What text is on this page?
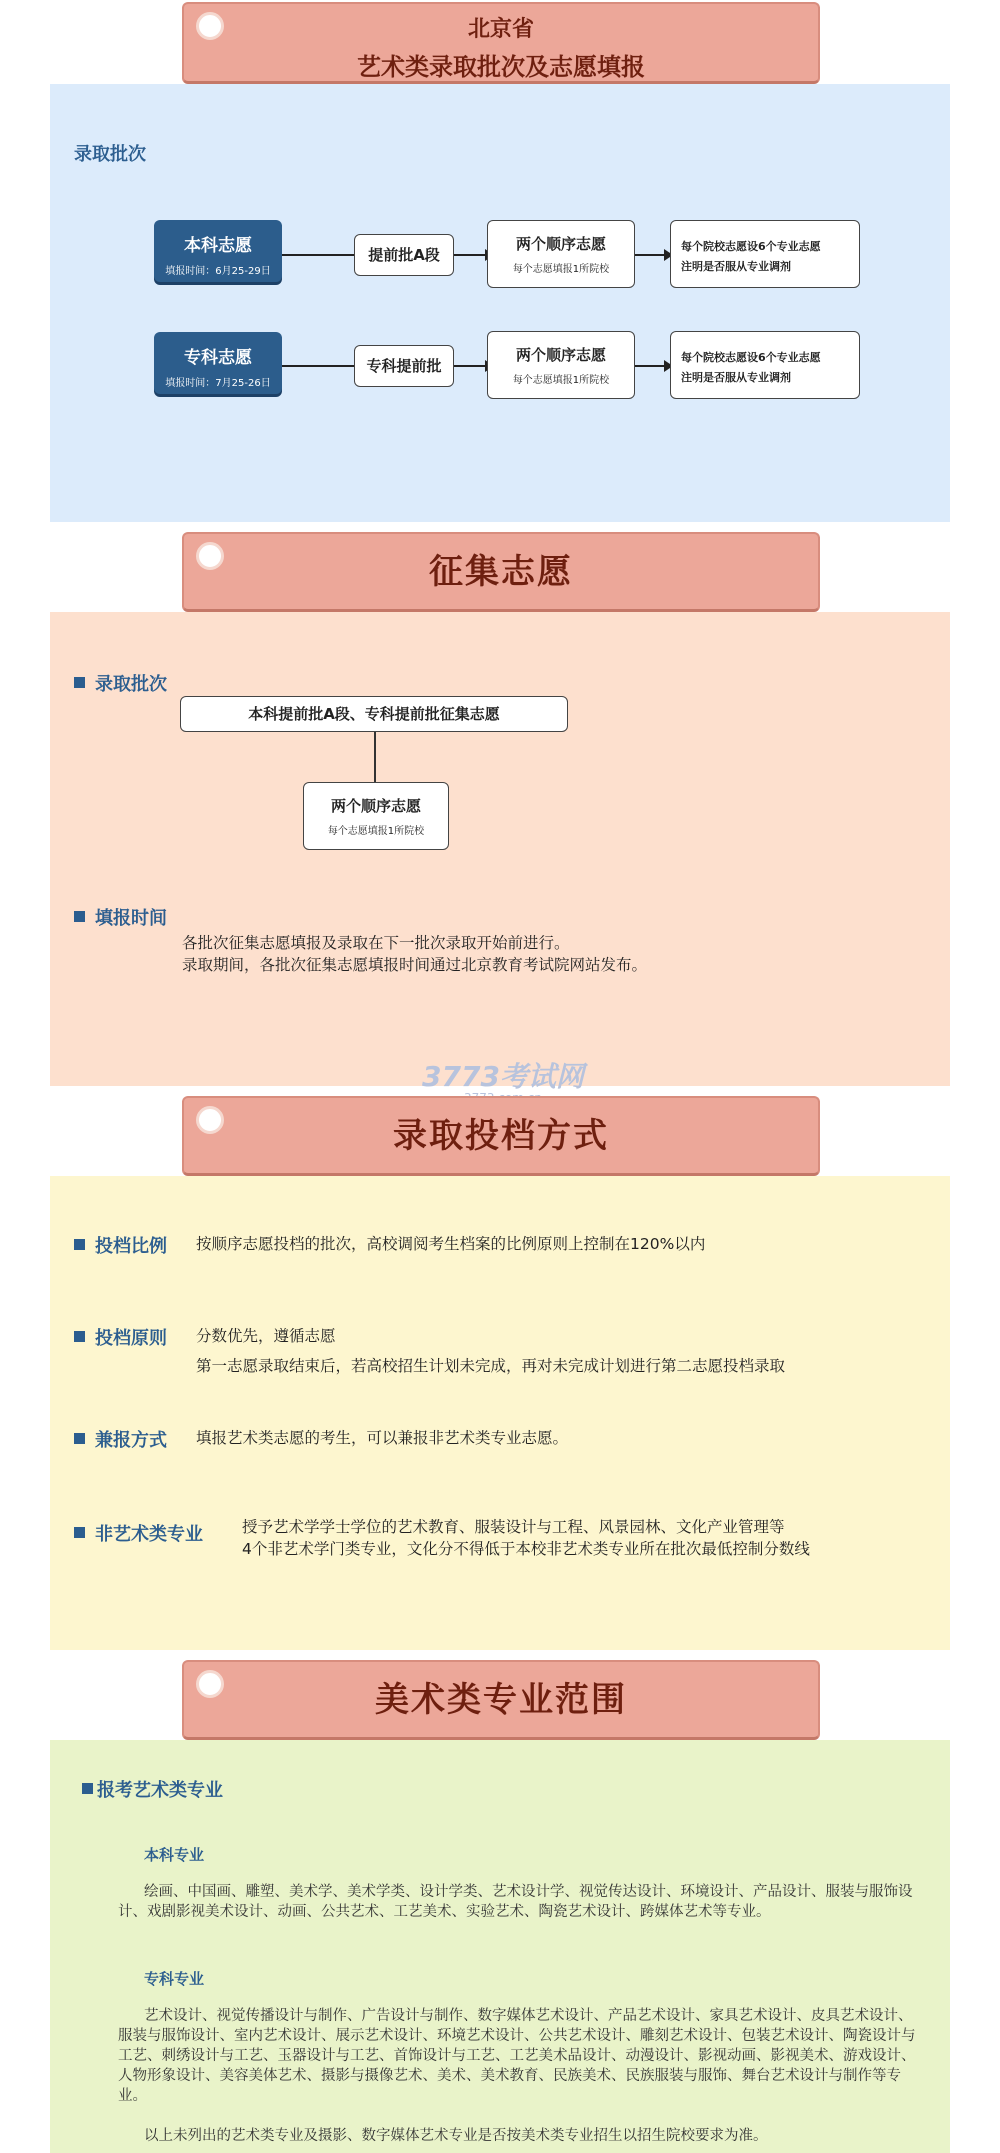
北京省
艺术类录取批次及志愿填报
录取批次
本科志愿
填报时间：6月25-29日
提前批A段
两个顺序志愿
每个志愿填报1所院校
每个院校志愿设6个专业志愿
注明是否服从专业调剂
专科志愿
填报时间：7月25-26日
专科提前批
两个顺序志愿
每个志愿填报1所院校
每个院校志愿设6个专业志愿
注明是否服从专业调剂
征集志愿
录取批次
本科提前批A段、专科提前批征集志愿
两个顺序志愿
每个志愿填报1所院校
填报时间
各批次征集志愿填报及录取在下一批次录取开始前进行。
录取期间，各批次征集志愿填报时间通过北京教育考试院网站发布。
3773考试网
录取投档方式
投档比例 按顺序志愿投档的批次，高校调阅考生档案的比例原则上控制在120%以内
投档原则 分数优先，遵循志愿
第一志愿录取结束后，若高校招生计划未完成，再对未完成计划进行第二志愿投档录取
兼报方式 填报艺术类志愿的考生，可以兼报非艺术类专业志愿。
非艺术类专业	授予艺术学学士学位的艺术教育、服装设计与工程、风景园林、文化产业管理等
4个非艺术学门类专业，文化分不得低于本校非艺术类专业所在批次最低控制分数线
美术类专业范围
报考艺术类专业
本科专业
绘画、中国画、雕塑、美术学、美术学类、设计学类、艺术设计学、视觉传达设计、环境设计、产品设计、服装与服饰设计、戏剧影视美术设计、动画、公共艺术、工艺美术、实验艺术、陶瓷艺术设计、跨媒体艺术等专业。
专科专业
艺术设计、视觉传播设计与制作、广告设计与制作、数字媒体艺术设计、产品艺术设计、家具艺术设计、皮具艺术设计、服装与服饰设计、室内艺术设计、展示艺术设计、环境艺术设计、公共艺术设计、雕刻艺术设计、包装艺术设计、陶瓷设计与工艺、刺绣设计与工艺、玉器设计与工艺、首饰设计与工艺、工艺美术品设计、动漫设计、影视动画、影视美术、游戏设计、人物形象设计、美容美体艺术、摄影与摄像艺术、美术、美术教育、民族美术、民族服装与服饰、舞台艺术设计与制作等专业。
以上未列出的艺术类专业及摄影、数字媒体艺术专业是否按美术类专业招生以招生院校要求为准。
